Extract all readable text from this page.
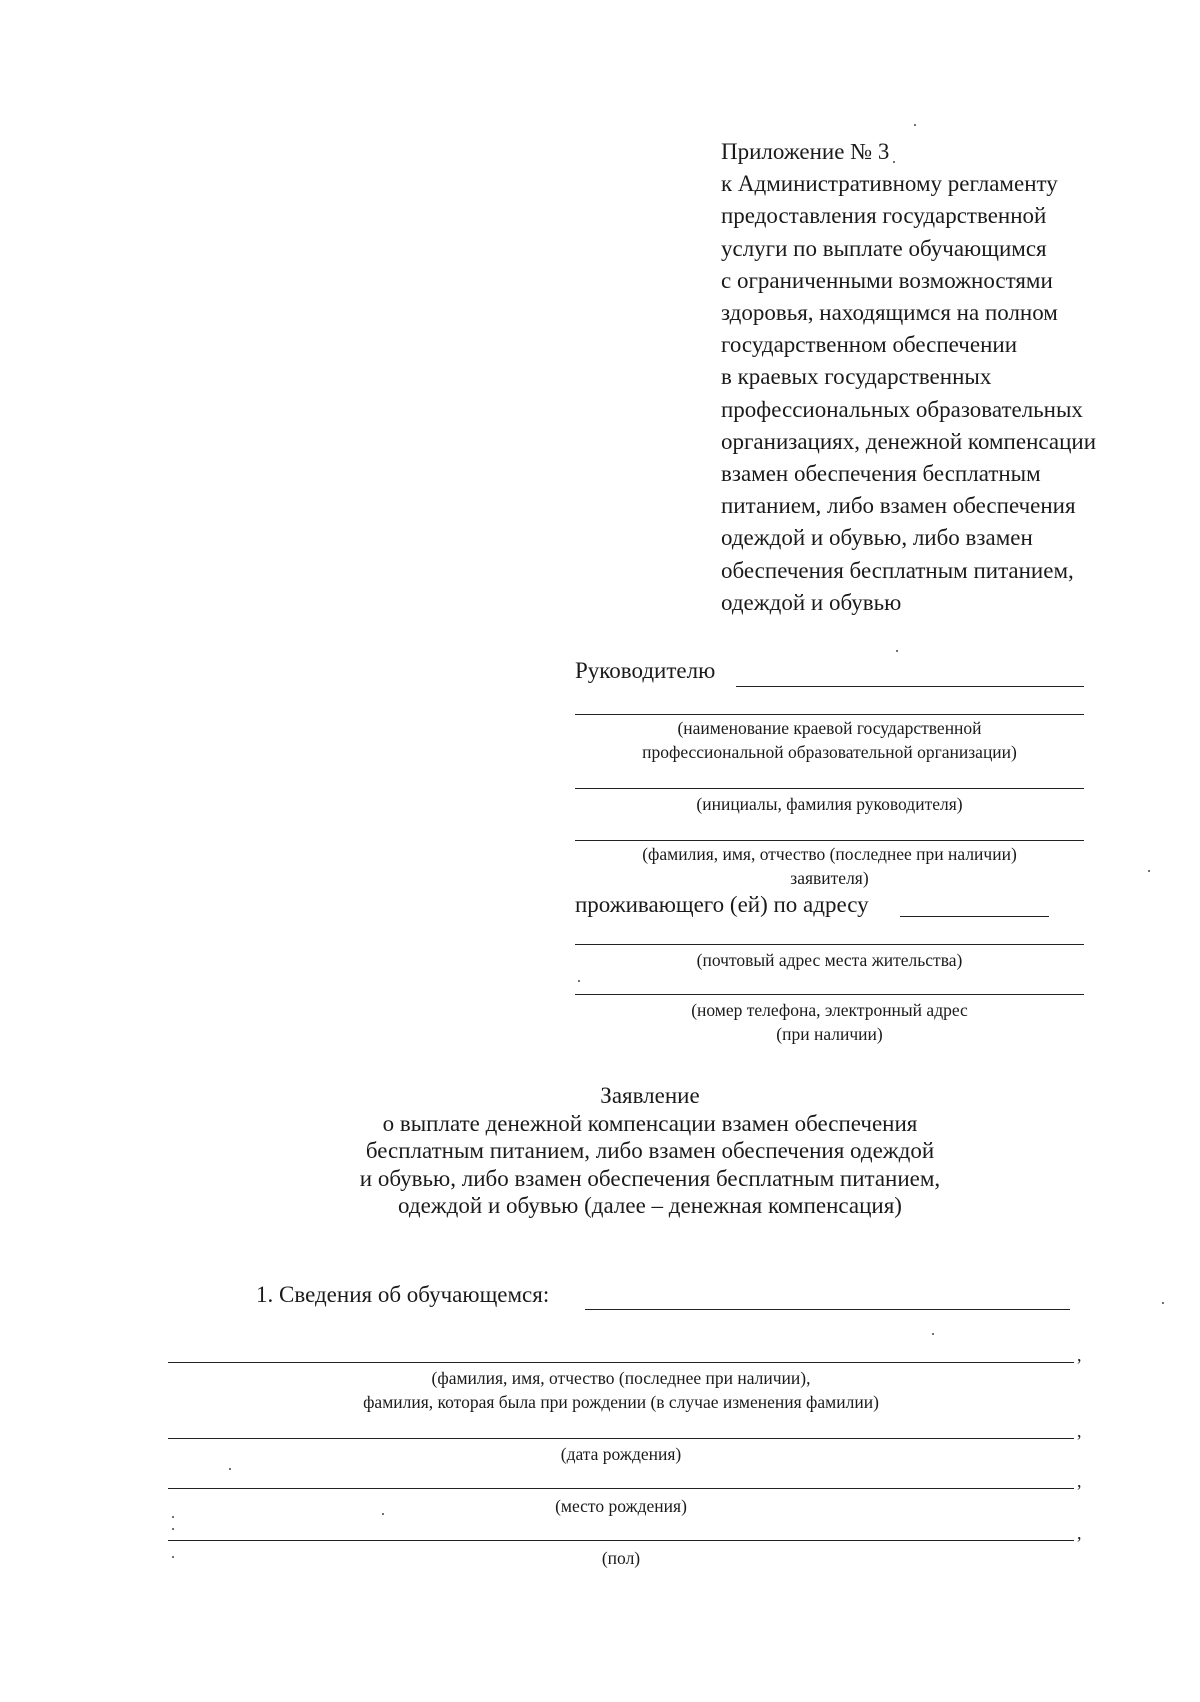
Приложение № 3
к Административному регламенту
предоставления государственной
услуги по выплате обучающимся
с ограниченными возможностями
здоровья, находящимся на полном
государственном обеспечении
в краевых государственных
профессиональных образовательных
организациях, денежной компенсации
взамен обеспечения бесплатным
питанием, либо взамен обеспечения
одеждой и обувью, либо взамен
обеспечения бесплатным питанием,
одеждой и обувью
Руководителю
(наименование краевой государственной
профессиональной образовательной организации)
(инициалы, фамилия руководителя)
(фамилия, имя, отчество (последнее при наличии)
заявителя)
проживающего (ей) по адресу
(почтовый адрес места жительства)
(номер телефона, электронный адрес
(при наличии)
Заявление
о выплате денежной компенсации взамен обеспечения
бесплатным питанием, либо взамен обеспечения одеждой
и обувью, либо взамен обеспечения бесплатным питанием,
одеждой и обувью (далее – денежная компенсация)
1. Сведения об обучающемся:
,
(фамилия, имя, отчество (последнее при наличии),
фамилия, которая была при рождении (в случае изменения фамилии)
,
(дата рождения)
,
(место рождения)
,
(пол)
